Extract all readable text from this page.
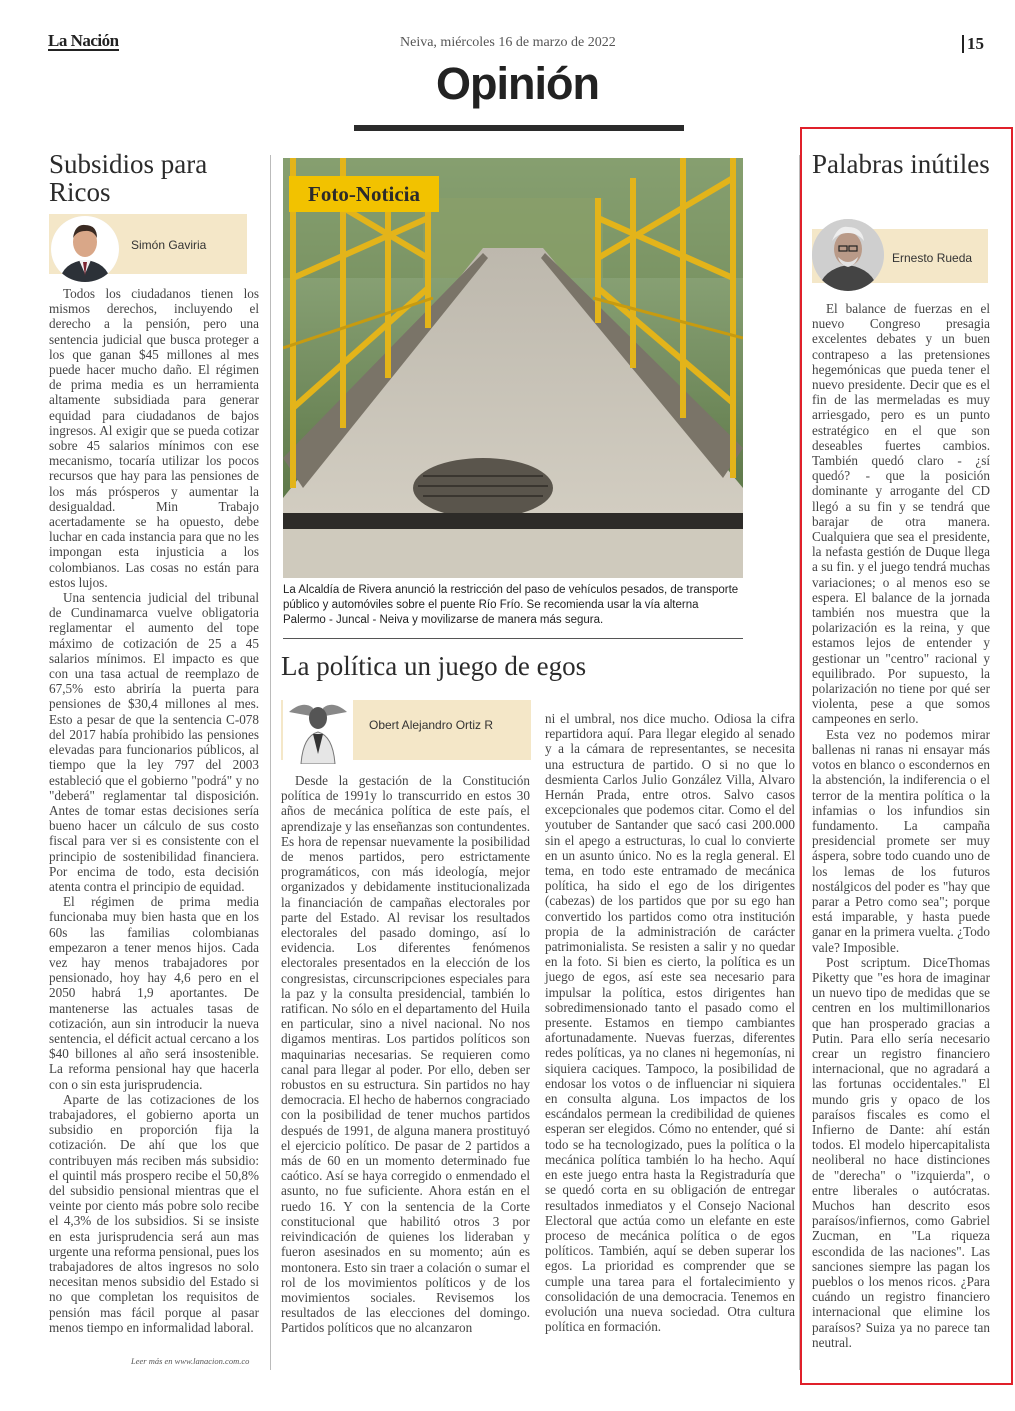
La Nación	Neiva, miércoles 16 de marzo de 2022	15
Opinión
Subsidios para Ricos
Simón Gaviria

Todos los ciudadanos tienen los mismos derechos, incluyendo el derecho a la pensión, pero una sentencia judicial que busca proteger a los que ganan $45 millones al mes puede hacer mucho daño. El régimen de prima media es un herramienta altamente subsidiada para generar equidad para ciudadanos de bajos ingresos. Al exigir que se pueda cotizar sobre 45 salarios mínimos con ese mecanismo, tocaría utilizar los pocos recursos que hay para las pensiones de los más prósperos y aumentar la desigualdad. Min Trabajo acertadamente se ha opuesto, debe luchar en cada instancia para que no les impongan esta injusticia a los colombianos. Las cosas no están para estos lujos.

Una sentencia judicial del tribunal de Cundinamarca vuelve obligatoria reglamentar el aumento del tope máximo de cotización de 25 a 45 salarios mínimos. El impacto es que con una tasa actual de reemplazo de 67,5% esto abriría la puerta para pensiones de $30,4 millones al mes. Esto a pesar de que la sentencia C-078 del 2017 había prohibido las pensiones elevadas para funcionarios públicos, al tiempo que la ley 797 del 2003 estableció que el gobierno "podrá" y no "deberá" reglamentar tal disposición. Antes de tomar estas decisiones sería bueno hacer un cálculo de sus costo fiscal para ver si es consistente con el principio de sostenibilidad financiera. Por encima de todo, esta decisión atenta contra el principio de equidad.

El régimen de prima media funcionaba muy bien hasta que en los 60s las familias colombianas empezaron a tener menos hijos. Cada vez hay menos trabajadores por pensionado, hoy hay 4,6 pero en el 2050 habrá 1,9 aportantes. De mantenerse las actuales tasas de cotización, aun sin introducir la nueva sentencia, el déficit actual cercano a los $40 billones al año será insostenible. La reforma pensional hay que hacerla con o sin esta jurisprudencia.

Aparte de las cotizaciones de los trabajadores, el gobierno aporta un subsidio en proporción fija la cotización. De ahí que los que contribuyen más reciben más subsidio: el quintil más prospero recibe el 50,8% del subsidio pensional mientras que el veinte por ciento más pobre solo recibe el 4,3% de los subsidios. Si se insiste en esta jurisprudencia será aun mas urgente una reforma pensional, pues los trabajadores de altos ingresos no solo necesitan menos subsidio del Estado si no que completan los requisitos de pensión mas fácil porque al pasar menos tiempo en informalidad laboral.

Leer más en www.lanacion.com.co
Foto-Noticia
La Alcaldía de Rivera anunció la restricción del paso de vehículos pesados, de transporte público y automóviles sobre el puente Río Frío. Se recomienda usar la vía alterna Palermo - Juncal - Neiva y movilizarse de manera más segura.
La política un juego de egos
Obert Alejandro Ortiz R

Desde la gestación de la Constitución política de 1991y lo transcurrido en estos 30 años de mecánica política de este país, el aprendizaje y las enseñanzas son contundentes. Es hora de repensar nuevamente la posibilidad de menos partidos, pero estrictamente programáticos, con más ideología, mejor organizados y debidamente institucionalizada la financiación de campañas electorales por parte del Estado. Al revisar los resultados electorales del pasado domingo, así lo evidencia. Los diferentes fenómenos electorales presentados en la elección de los congresistas, circunscripciones especiales para la paz y la consulta presidencial, también lo ratifican. No sólo en el departamento del Huila en particular, sino a nivel nacional. No nos digamos mentiras. Los partidos políticos son maquinarias necesarias. Se requieren como canal para llegar al poder. Por ello, deben ser robustos en su estructura. Sin partidos no hay democracia. El hecho de habernos congraciado con la posibilidad de tener muchos partidos después de 1991, de alguna manera prostituyó el ejercicio político. De pasar de 2 partidos a más de 60 en un momento determinado fue caótico. Así se haya corregido o enmendado el asunto, no fue suficiente. Ahora están en el ruedo 16. Y con la sentencia de la Corte constitucional que habilitó otros 3 por reivindicación de quienes los lideraban y fueron asesinados en su momento; aún es montonera. Esto sin traer a colación o sumar el rol de los movimientos políticos y de los movimientos sociales. Revisemos los resultados de las elecciones del domingo. Partidos políticos que no alcanzaron

ni el umbral, nos dice mucho. Odiosa la cifra repartidora aquí. Para llegar elegido al senado y a la cámara de representantes, se necesita una estructura de partido. O si no que lo desmienta Carlos Julio González Villa, Alvaro Hernán Prada, entre otros. Salvo casos excepcionales que podemos citar. Como el del youtuber de Santander que sacó casi 200.000 sin el apego a estructuras, lo cual lo convierte en un asunto único. No es la regla general. El tema, en todo este entramado de mecánica política, ha sido el ego de los dirigentes (cabezas) de los partidos que por su ego han convertido los partidos como otra institución propia de la administración de carácter patrimonialista. Se resisten a salir y no quedar en la foto. Si bien es cierto, la política es un juego de egos, así este sea necesario para impulsar la política, estos dirigentes han sobredimensionado tanto el pasado como el presente. Estamos en tiempo cambiantes afortunadamente. Nuevas fuerzas, diferentes redes políticas, ya no clanes ni hegemonías, ni siquiera caciques. Tampoco, la posibilidad de endosar los votos o de influenciar ni siquiera en consulta alguna. Los impactos de los escándalos permean la credibilidad de quienes esperan ser elegidos. Cómo no entender, qué si todo se ha tecnologizado, pues la política o la mecánica política también lo ha hecho. Aquí en este juego entra hasta la Registraduría que se quedó corta en su obligación de entregar resultados inmediatos y el Consejo Nacional Electoral que actúa como un elefante en este proceso de mecánica política o de egos políticos. También, aquí se deben superar los egos. La prioridad es comprender que se cumple una tarea para el fortalecimiento y consolidación de una democracia. Tenemos en evolución una nueva sociedad. Otra cultura política en formación.

Palabras inútiles
Ernesto Rueda

El balance de fuerzas en el nuevo Congreso presagia excelentes debates y un buen contrapeso a las pretensiones hegemónicas que pueda tener el nuevo presidente. Decir que es el fin de las mermeladas es muy arriesgado, pero es un punto estratégico en el que son deseables fuertes cambios. También quedó claro - ¿sí quedó? - que la posición dominante y arrogante del CD llegó a su fin y se tendrá que barajar de otra manera. Cualquiera que sea el presidente, la nefasta gestión de Duque llega a su fin. y el juego tendrá muchas variaciones; o al menos eso se espera. El balance de la jornada también nos muestra que la polarización es la reina, y que estamos lejos de entender y gestionar un "centro" racional y equilibrado. Por supuesto, la polarización no tiene por qué ser violenta, pese a que somos campeones en serlo.

Esta vez no podemos mirar ballenas ni ranas ni ensayar más votos en blanco o escondernos en la abstención, la indiferencia o el terror de la mentira política o la infamias o los infundios sin fundamento. La campaña presidencial promete ser muy áspera, sobre todo cuando uno de los lemas de los futuros nostálgicos del poder es "hay que parar a Petro como sea"; porque está imparable, y hasta puede ganar en la primera vuelta. ¿Todo vale? Imposible.

Post scriptum. DiceThomas Piketty que "es hora de imaginar un nuevo tipo de medidas que se centren en los multimillonarios que han prosperado gracias a Putin. Para ello sería necesario crear un registro financiero internacional, que no agradará a las fortunas occidentales." El mundo gris y opaco de los paraísos fiscales es como el Infierno de Dante: ahí están todos. El modelo hipercapitalista neoliberal no hace distinciones de "derecha" o "izquierda", o entre liberales o autócratas. Muchos han descrito esos paraísos/infiernos, como Gabriel Zucman, en "La riqueza escondida de las naciones". Las sanciones siempre las pagan los pueblos o los menos ricos. ¿Para cuándo un registro financiero internacional que elimine los paraísos? Suiza ya no parece tan neutral.
